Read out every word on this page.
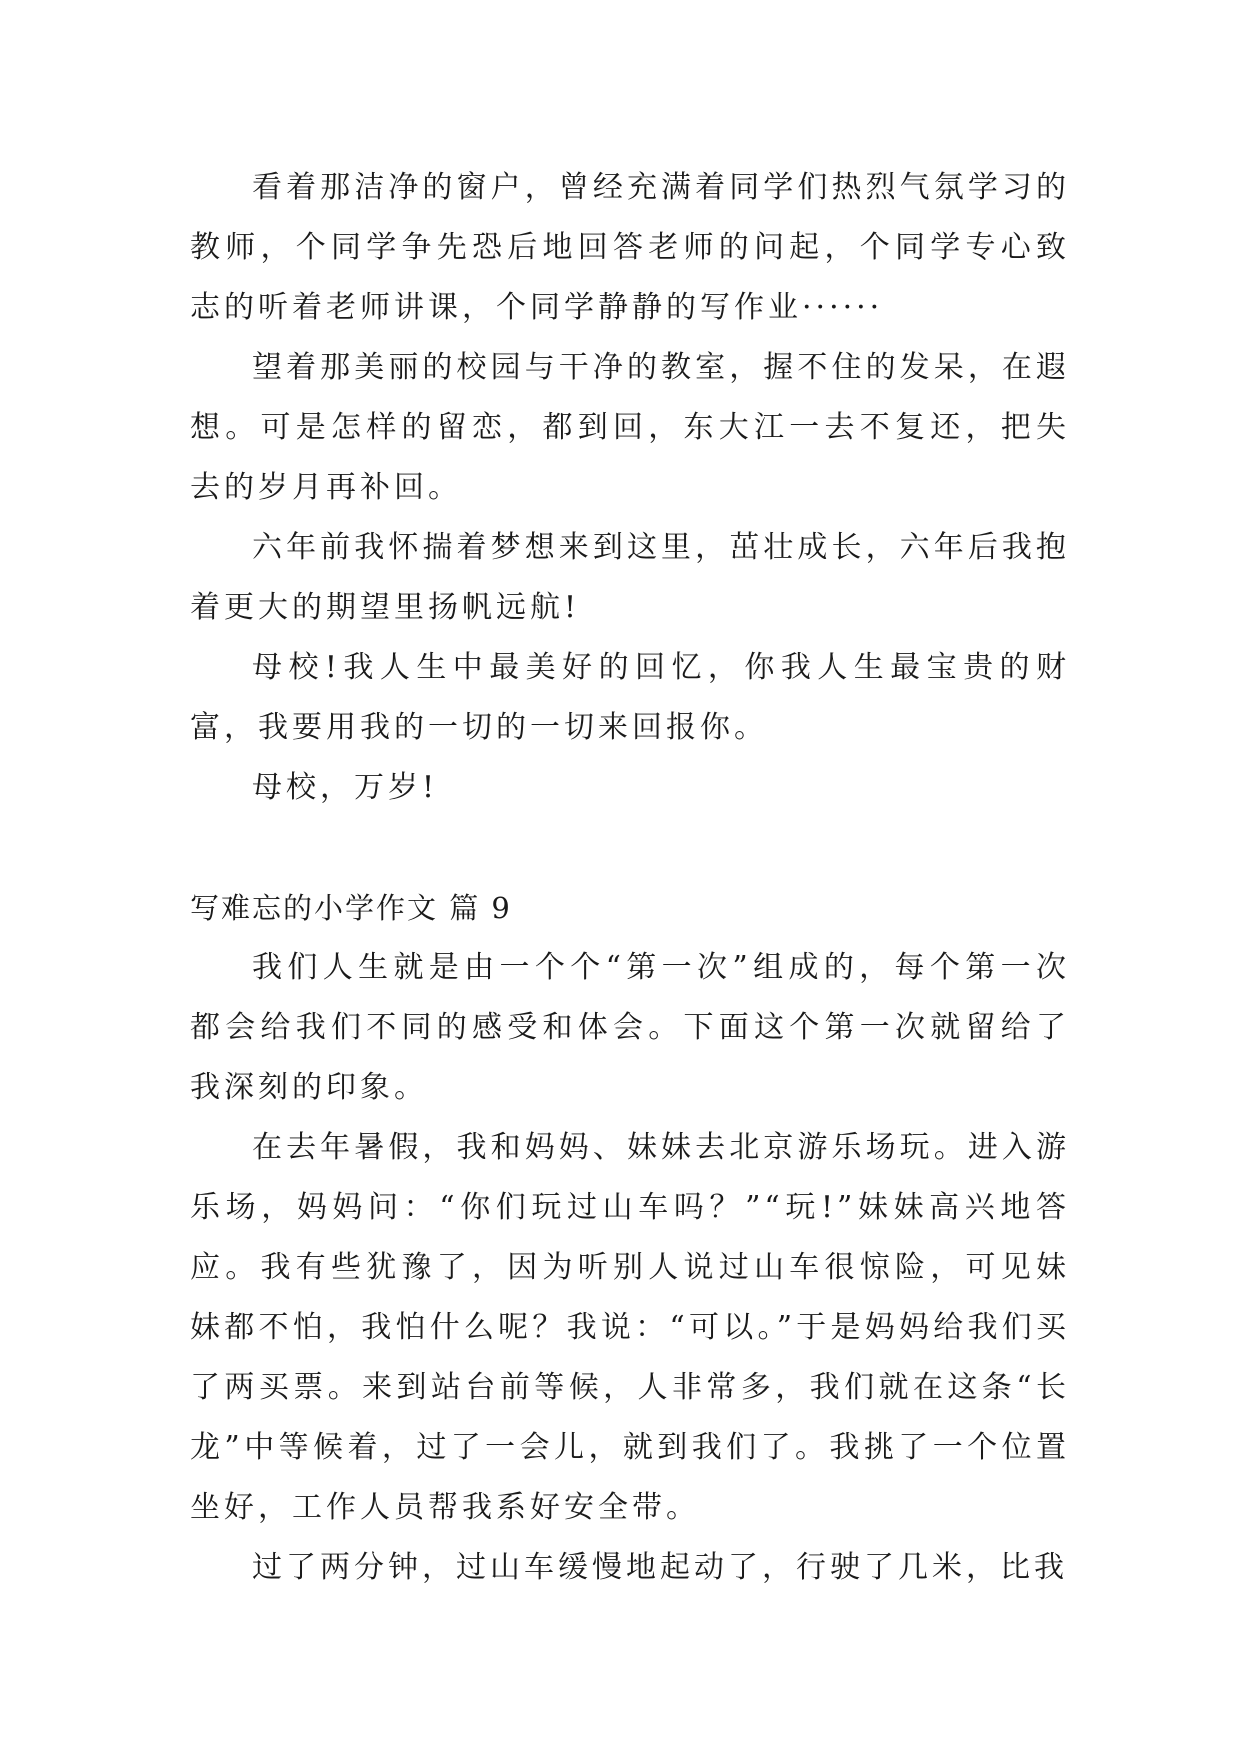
看着那洁净的窗户，曾经充满着同学们热烈气氛学习的教师，个同学争先恐后地回答老师的问起，个同学专心致志的听着老师讲课，个同学静静的写作业······

望着那美丽的校园与干净的教室，握不住的发呆，在遐想。可是怎样的留恋，都到回，东大江一去不复还，把失去的岁月再补回。

六年前我怀揣着梦想来到这里，茁壮成长，六年后我抱着更大的期望里扬帆远航!

母校!我人生中最美好的回忆，你我人生最宝贵的财富，我要用我的一切的一切来回报你。

母校，万岁!

写难忘的小学作文 篇 9

我们人生就是由一个个“第一次”组成的，每个第一次都会给我们不同的感受和体会。下面这个第一次就留给了我深刻的印象。

在去年暑假，我和妈妈、妹妹去北京游乐场玩。进入游乐场，妈妈问：“你们玩过山车吗？”“玩!”妹妹高兴地答应。我有些犹豫了，因为听别人说过山车很惊险，可见妹妹都不怕，我怕什么呢？我说：“可以。”于是妈妈给我们买了两买票。来到站台前等候，人非常多，我们就在这条“长龙”中等候着，过了一会儿，就到我们了。我挑了一个位置坐好，工作人员帮我系好安全带。

过了两分钟，过山车缓慢地起动了，行驶了几米，比我
